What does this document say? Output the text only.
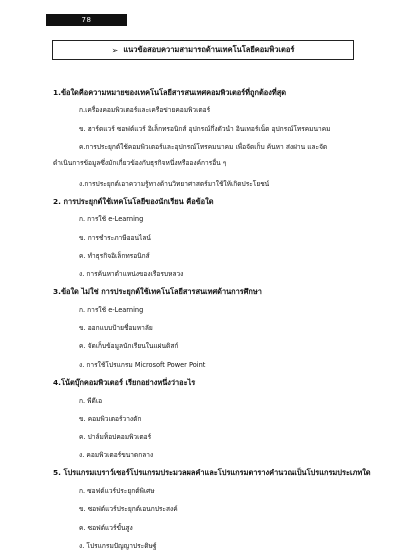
78
➢ แนวข้อสอบความสามารถด้านเทคโนโลยีคอมพิวเตอร์
1.ข้อใดคือความหมายของเทคโนโลยีสารสนเทศคอมพิวเตอร์ที่ถูกต้องที่สุด
ก.เครื่องคอมพิวเตอร์และเครือข่ายคอมพิวเตอร์
ข. ฮาร์ดแวร์ ซอฟต์แวร์ อิเล็กทรอนิกส์ อุปกรณ์กึ่งตัวนำ อินเทอร์เน็ต อุปกรณ์โทรคมนาคม
ค.การประยุกต์ใช้คอมพิวเตอร์และอุปกรณ์โทรคมนาคม เพื่อจัดเก็บ ค้นหา ส่งผ่าน และจัด
ดำเนินการข้อมูลซึ่งมักเกี่ยวข้องกับธุรกิจหนึ่งหรือองค์การอื่น ๆ
ง.การประยุกต์เอาความรู้ทางด้านวิทยาศาสตร์มาใช้ให้เกิดประโยชน์
2. การประยุกต์ใช้เทคโนโลยีของนักเรียน คือข้อใด
ก. การใช้ e-Learning
ข. การชำระภาษีออนไลน์
ค. ทำธุรกิจอิเล็กทรอนิกส์
ง. การค้นหาตำแหน่งของเรือรบหลวง
3.ข้อใด ไม่ใช่ การประยุกต์ใช้เทคโนโลยีสารสนเทศด้านการศึกษา
ก. การใช้ e-Learning
ข. ออกแบบป้ายชื่อมหาลัย
ค. จัดเก็บข้อมูลนักเรียนในแผ่นดิสก์
ง. การใช้โปรแกรม Microsoft Power Point
4.โน้ตบุ๊กคอมพิวเตอร์ เรียกอย่างหนึ่งว่าอะไร
ก. พีดีเอ
ข. คอมพิวเตอร์วางตัก
ค. ปาล์มท็อปคอมพิวเตอร์
ง. คอมพิวเตอร์ขนาดกลาง
5. โปรแกรมเบราว์เซอร์โปรแกรมประมวลผลคำและโปรแกรมตารางคำนวณเป็นโปรแกรมประเภทใด
ก. ซอฟต์แวร์ประยุกต์พิเศษ
ข. ซอฟต์แวร์ประยุกต์เอนกประสงค์
ค. ซอฟต์แวร์ขั้นสูง
ง. โปรแกรมปัญญาประดิษฐ์
